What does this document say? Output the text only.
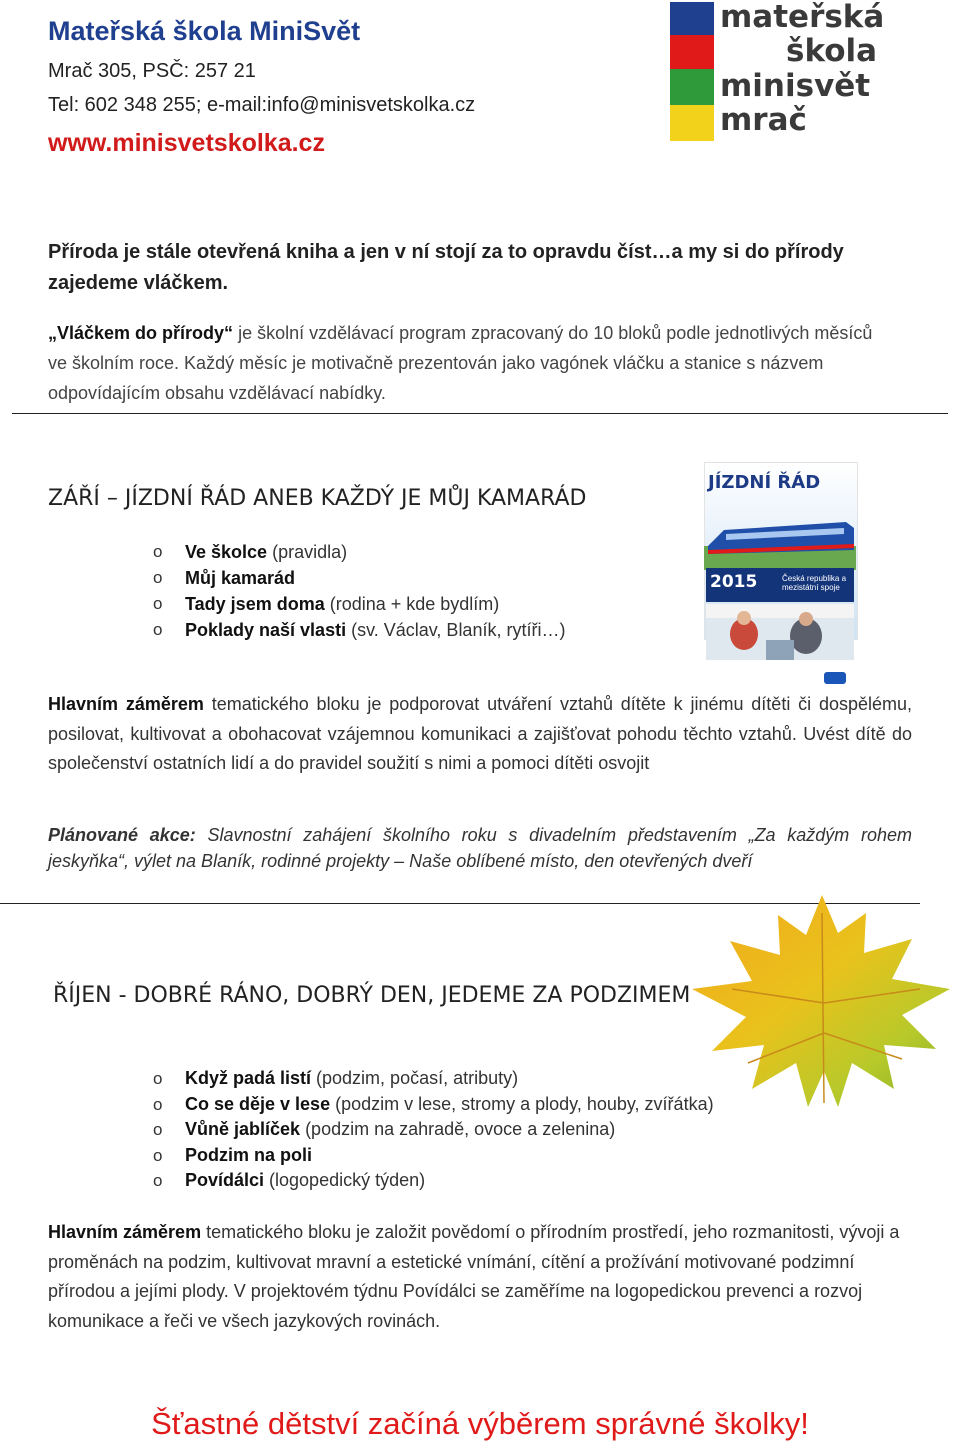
Mateřská škola MiniSvět
Mrač 305, PSČ: 257 21
Tel: 602 348 255; e-mail:info@minisvetskolka.cz
www.minisvetskolka.cz
mateřská
škola
minisvět
mrač
Příroda je stále otevřená kniha a jen v ní stojí za to opravdu číst…a my si do přírody zajedeme vláčkem.
„Vláčkem do přírody“ je školní vzdělávací program zpracovaný do 10 bloků podle jednotlivých měsíců ve školním roce. Každý měsíc je motivačně prezentován jako vagónek vláčku a stanice s názvem odpovídajícím obsahu vzdělávací nabídky.
ZÁŘÍ – JÍZDNÍ ŘÁD ANEB KAŽDÝ JE MŮJ KAMARÁD
o Ve školce (pravidla)
o Můj kamarád
o Tady jsem doma (rodina + kde bydlím)
o Poklady naší vlasti (sv. Václav, Blaník, rytíři…)
JÍZDNÍ ŘÁD
2015	Česká republika a mezistátní spoje
Hlavním záměrem tematického bloku je podporovat utváření vztahů dítěte k jinému dítěti či dospělému, posilovat, kultivovat a obohacovat vzájemnou komunikaci a zajišťovat pohodu těchto vztahů. Uvést dítě do společenství ostatních lidí a do pravidel soužití s nimi a pomoci dítěti osvojit
Plánované akce: Slavnostní zahájení školního roku s divadelním představením „Za každým rohem jeskyňka“, výlet na Blaník, rodinné projekty – Naše oblíbené místo, den otevřených dveří
ŘÍJEN - DOBRÉ RÁNO, DOBRÝ DEN, JEDEME ZA PODZIMEM
o Když padá listí (podzim, počasí, atributy)
o Co se děje v lese (podzim v lese, stromy a plody, houby, zvířátka)
o Vůně jablíček (podzim na zahradě, ovoce a zelenina)
o Podzim na poli
o Povídálci (logopedický týden)
Hlavním záměrem tematického bloku je založit povědomí o přírodním prostředí, jeho rozmanitosti, vývoji a proměnách na podzim, kultivovat mravní a estetické vnímání, cítění a prožívání motivované podzimní přírodou a jejími plody. V projektovém týdnu Povídálci se zaměříme na logopedickou prevenci a rozvoj komunikace a řeči ve všech jazykových rovinách.
Šťastné dětství začíná výběrem správné školky!
